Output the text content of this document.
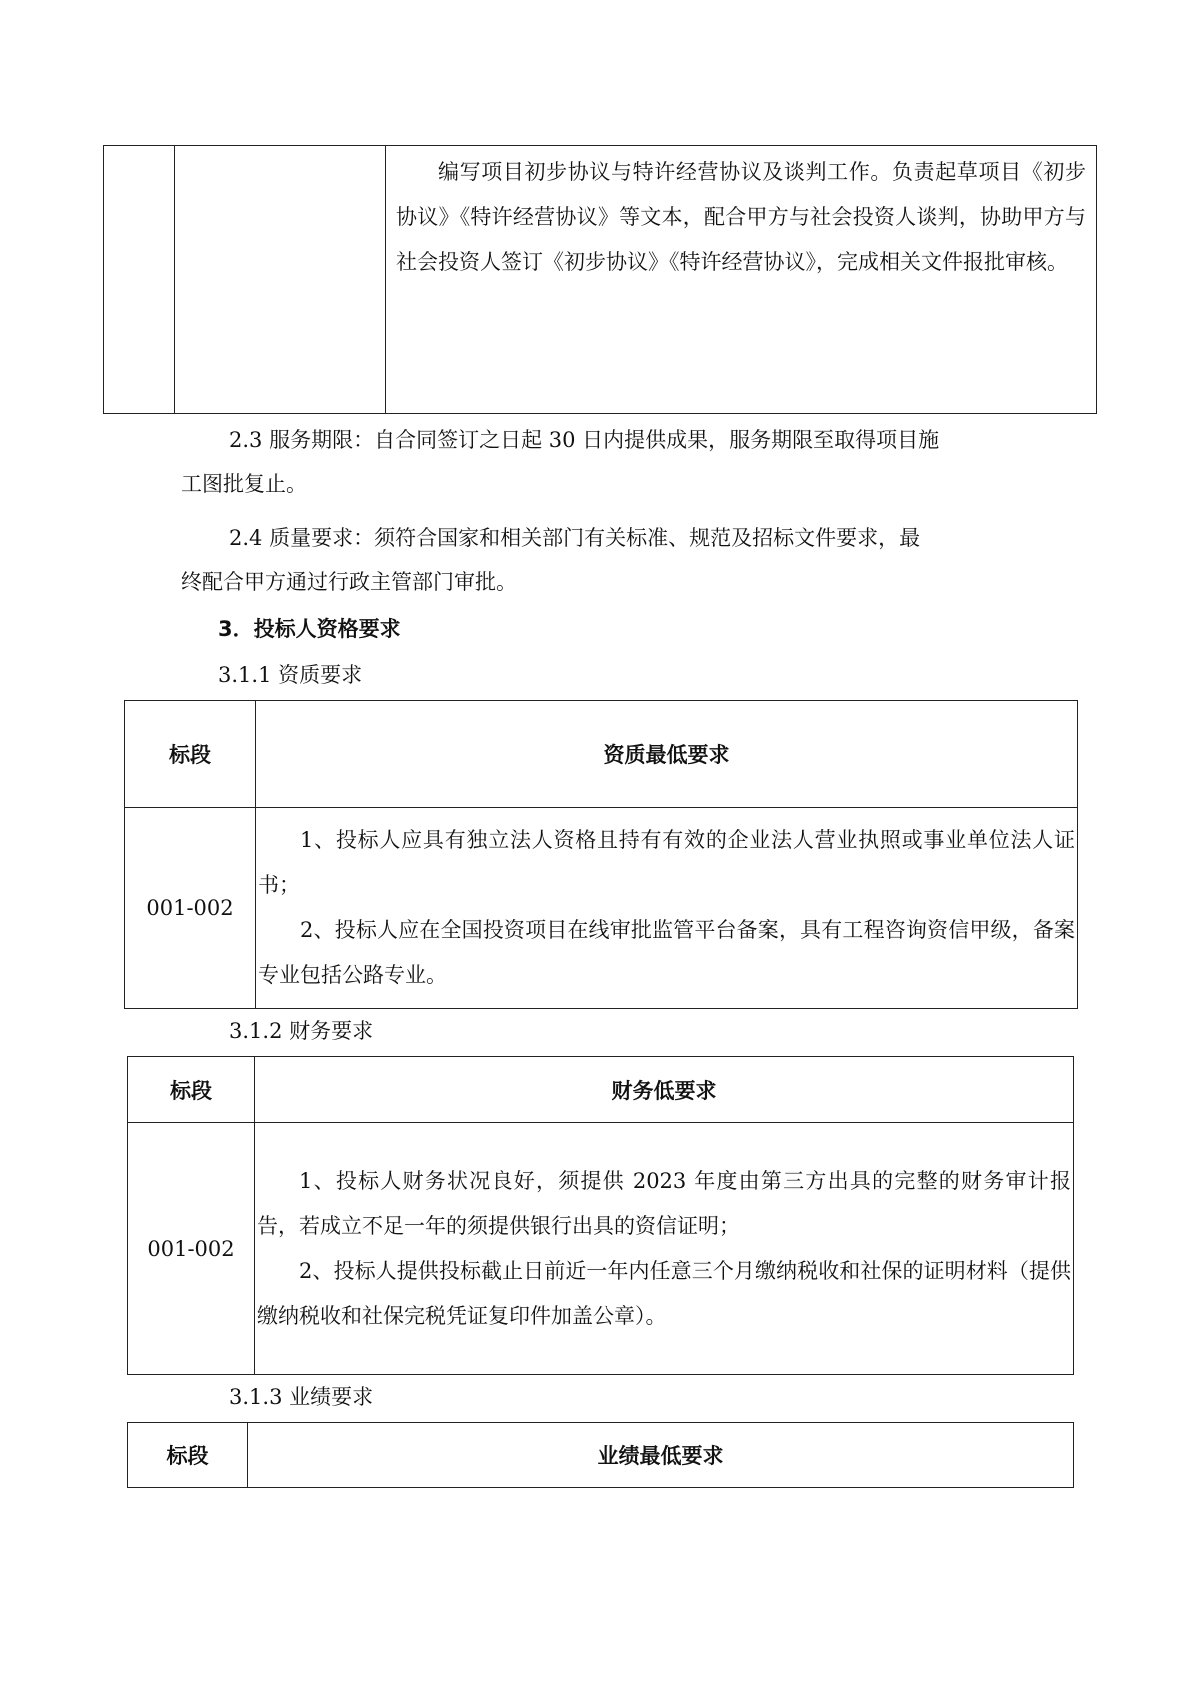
编写项目初步协议与特许经营协议及谈判工作。负责起草项目《初步协议》《特许经营协议》等文本，配合甲方与社会投资人谈判，协助甲方与社会投资人签订《初步协议》《特许经营协议》，完成相关文件报批审核。

2.3 服务期限：自合同签订之日起 30 日内提供成果，服务期限至取得项目施

工图批复止。

2.4 质量要求：须符合国家和相关部门有关标准、规范及招标文件要求，最

终配合甲方通过行政主管部门审批。

3．投标人资格要求
3.1.1 资质要求
标段	资质最低要求
001-002	1、投标人应具有独立法人资格且持有有效的企业法人营业执照或事业单位法人证书；

2、投标人应在全国投资项目在线审批监管平台备案，具有工程咨询资信甲级，备案专业包括公路专业。

3.1.2 财务要求
标段	财务低要求
001-002	1、投标人财务状况良好，须提供 2023 年度由第三方出具的完整的财务审计报告，若成立不足一年的须提供银行出具的资信证明；

2、投标人提供投标截止日前近一年内任意三个月缴纳税收和社保的证明材料（提供缴纳税收和社保完税凭证复印件加盖公章）。

3.1.3 业绩要求
标段	业绩最低要求
